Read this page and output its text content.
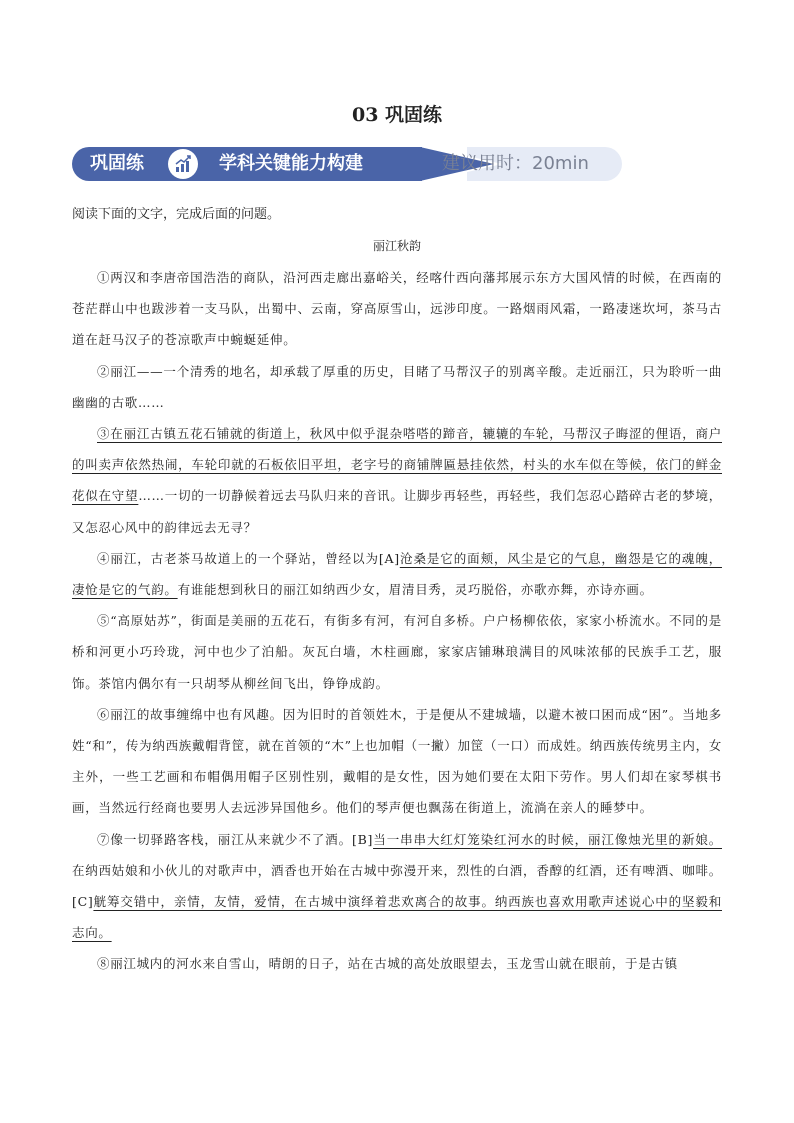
03 巩固练
巩固练	学科关键能力构建	建议用时：20min
阅读下面的文字，完成后面的问题。
丽江秋韵

①两汉和李唐帝国浩浩的商队，沿河西走廊出嘉峪关，经喀什西向藩邦展示东方大国风情的时候，在西南的苍茫群山中也跋涉着一支马队，出蜀中、云南，穿高原雪山，远涉印度。一路烟雨风霜，一路凄迷坎坷，茶马古道在赶马汉子的苍凉歌声中蜿蜒延伸。

②丽江——一个清秀的地名，却承载了厚重的历史，目睹了马帮汉子的别离辛酸。走近丽江，只为聆听一曲幽幽的古歌……

③在丽江古镇五花石铺就的街道上，秋风中似乎混杂嗒嗒的蹄音，辘辘的车轮，马帮汉子晦涩的俚语，商户的叫卖声依然热闹，车轮印就的石板依旧平坦，老字号的商铺牌匾悬挂依然，村头的水车似在等候，依门的鲜金花似在守望……一切的一切静候着远去马队归来的音讯。让脚步再轻些，再轻些，我们怎忍心踏碎古老的梦境，又怎忍心风中的韵律远去无寻？

④丽江，古老茶马故道上的一个驿站，曾经以为[A]沧桑是它的面颊，风尘是它的气息，幽怨是它的魂魄，凄怆是它的气韵。有谁能想到秋日的丽江如纳西少女，眉清目秀，灵巧脱俗，亦歌亦舞，亦诗亦画。

⑤“高原姑苏”，街面是美丽的五花石，有街多有河，有河自多桥。户户杨柳依依，家家小桥流水。不同的是桥和河更小巧玲珑，河中也少了泊船。灰瓦白墙，木柱画廊，家家店铺琳琅满目的风味浓郁的民族手工艺，服饰。茶馆内偶尔有一只胡琴从柳丝间飞出，铮铮成韵。

⑥丽江的故事缠绵中也有风趣。因为旧时的首领姓木，于是便从不建城墙，以避木被口困而成“困”。当地多姓“和”，传为纳西族戴帽背筐，就在首领的“木”上也加帽（一撇）加筐（一口）而成姓。纳西族传统男主内，女主外，一些工艺画和布帽偶用帽子区别性别，戴帽的是女性，因为她们要在太阳下劳作。男人们却在家琴棋书画，当然远行经商也要男人去远涉异国他乡。他们的琴声便也飘荡在街道上，流淌在亲人的睡梦中。

⑦像一切驿路客栈，丽江从来就少不了酒。[B]当一串串大红灯笼染红河水的时候，丽江像烛光里的新娘。在纳西姑娘和小伙儿的对歌声中，酒香也开始在古城中弥漫开来，烈性的白酒，香醇的红酒，还有啤酒、咖啡。[C]觥筹交错中，亲情，友情，爱情，在古城中演绎着悲欢离合的故事。纳西族也喜欢用歌声述说心中的坚毅和志向。

⑧丽江城内的河水来自雪山，晴朗的日子，站在古城的高处放眼望去，玉龙雪山就在眼前，于是古镇
